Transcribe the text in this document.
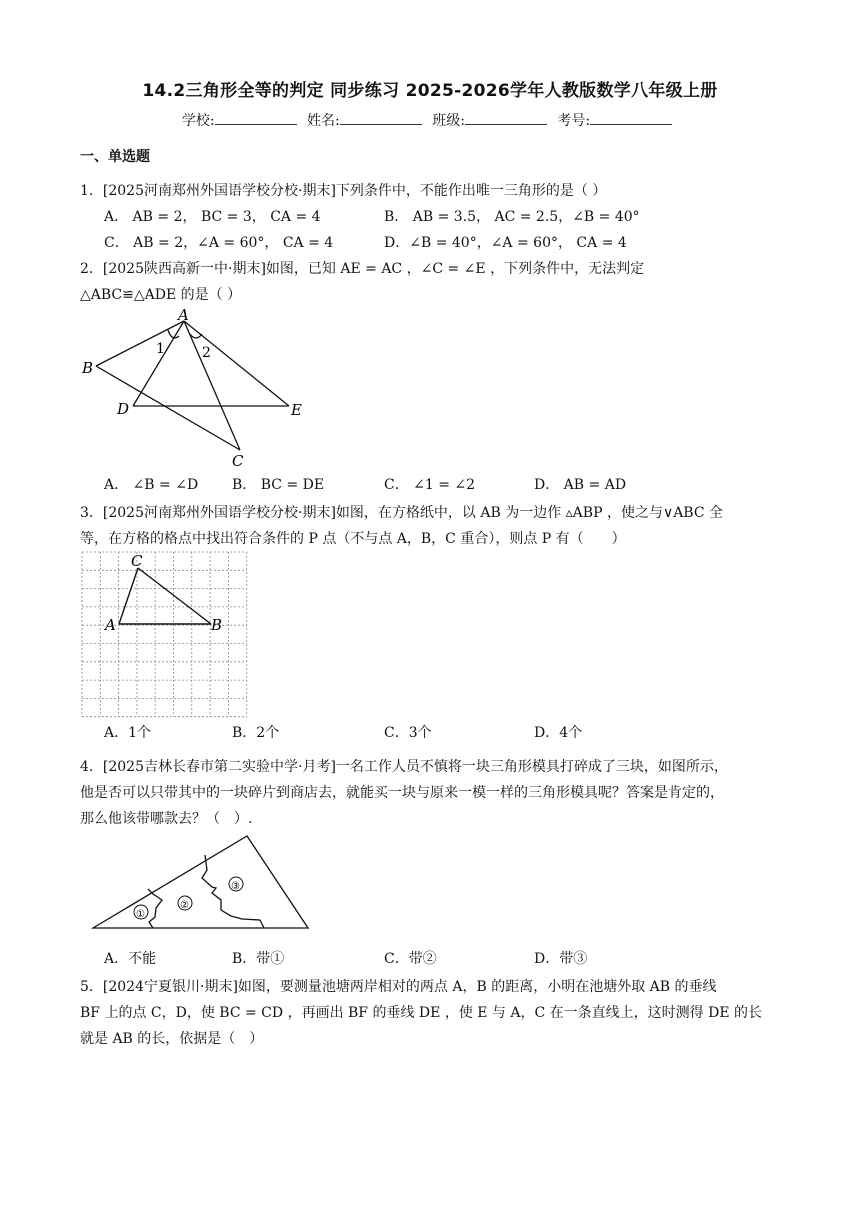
14.2三角形全等的判定 同步练习 2025-2026学年人教版数学八年级上册
学校:	姓名:	班级:	考号:
一、单选题
1．[2025河南郑州外国语学校分校·期末]下列条件中，不能作出唯一三角形的是（ ）
A． AB = 2， BC = 3， CA = 4	B． AB = 3.5， AC = 2.5，∠B = 40°
C． AB = 2，∠A = 60°， CA = 4	D．∠B = 40°，∠A = 60°， CA = 4
2．[2025陕西高新一中·期末]如图，已知 AE = AC ，∠C = ∠E ，下列条件中，无法判定
△ABC≌△ADE 的是（ ）
A
B
C
D	E
1	2
A． ∠B = ∠D B． BC = DE	C． ∠1 = ∠2	D． AB = AD
3．[2025河南郑州外国语学校分校·期末]如图，在方格纸中，以 AB 为一边作 ▵ABP ，使之与∨ABC 全
等，在方格的格点中找出符合条件的 P 点（不与点 A，B，C 重合），则点 P 有（　　）
A	B
C
A．1个	B．2个	C．3个	D．4个
4．[2025吉林长春市第二实验中学·月考]一名工作人员不慎将一块三角形模具打碎成了三块，如图所示，
他是否可以只带其中的一块碎片到商店去，就能买一块与原来一模一样的三角形模具呢？答案是肯定的，
那么他该带哪款去？（　）.
①
②
③
A．不能	B．带①	C．带②	D．带③
5．[2024宁夏银川·期末]如图，要测量池塘两岸相对的两点 A，B 的距离，小明在池塘外取 AB 的垂线
BF 上的点 C，D，使 BC = CD ，再画出 BF 的垂线 DE ，使 E 与 A，C 在一条直线上，这时测得 DE 的长
就是 AB 的长，依据是（　）
